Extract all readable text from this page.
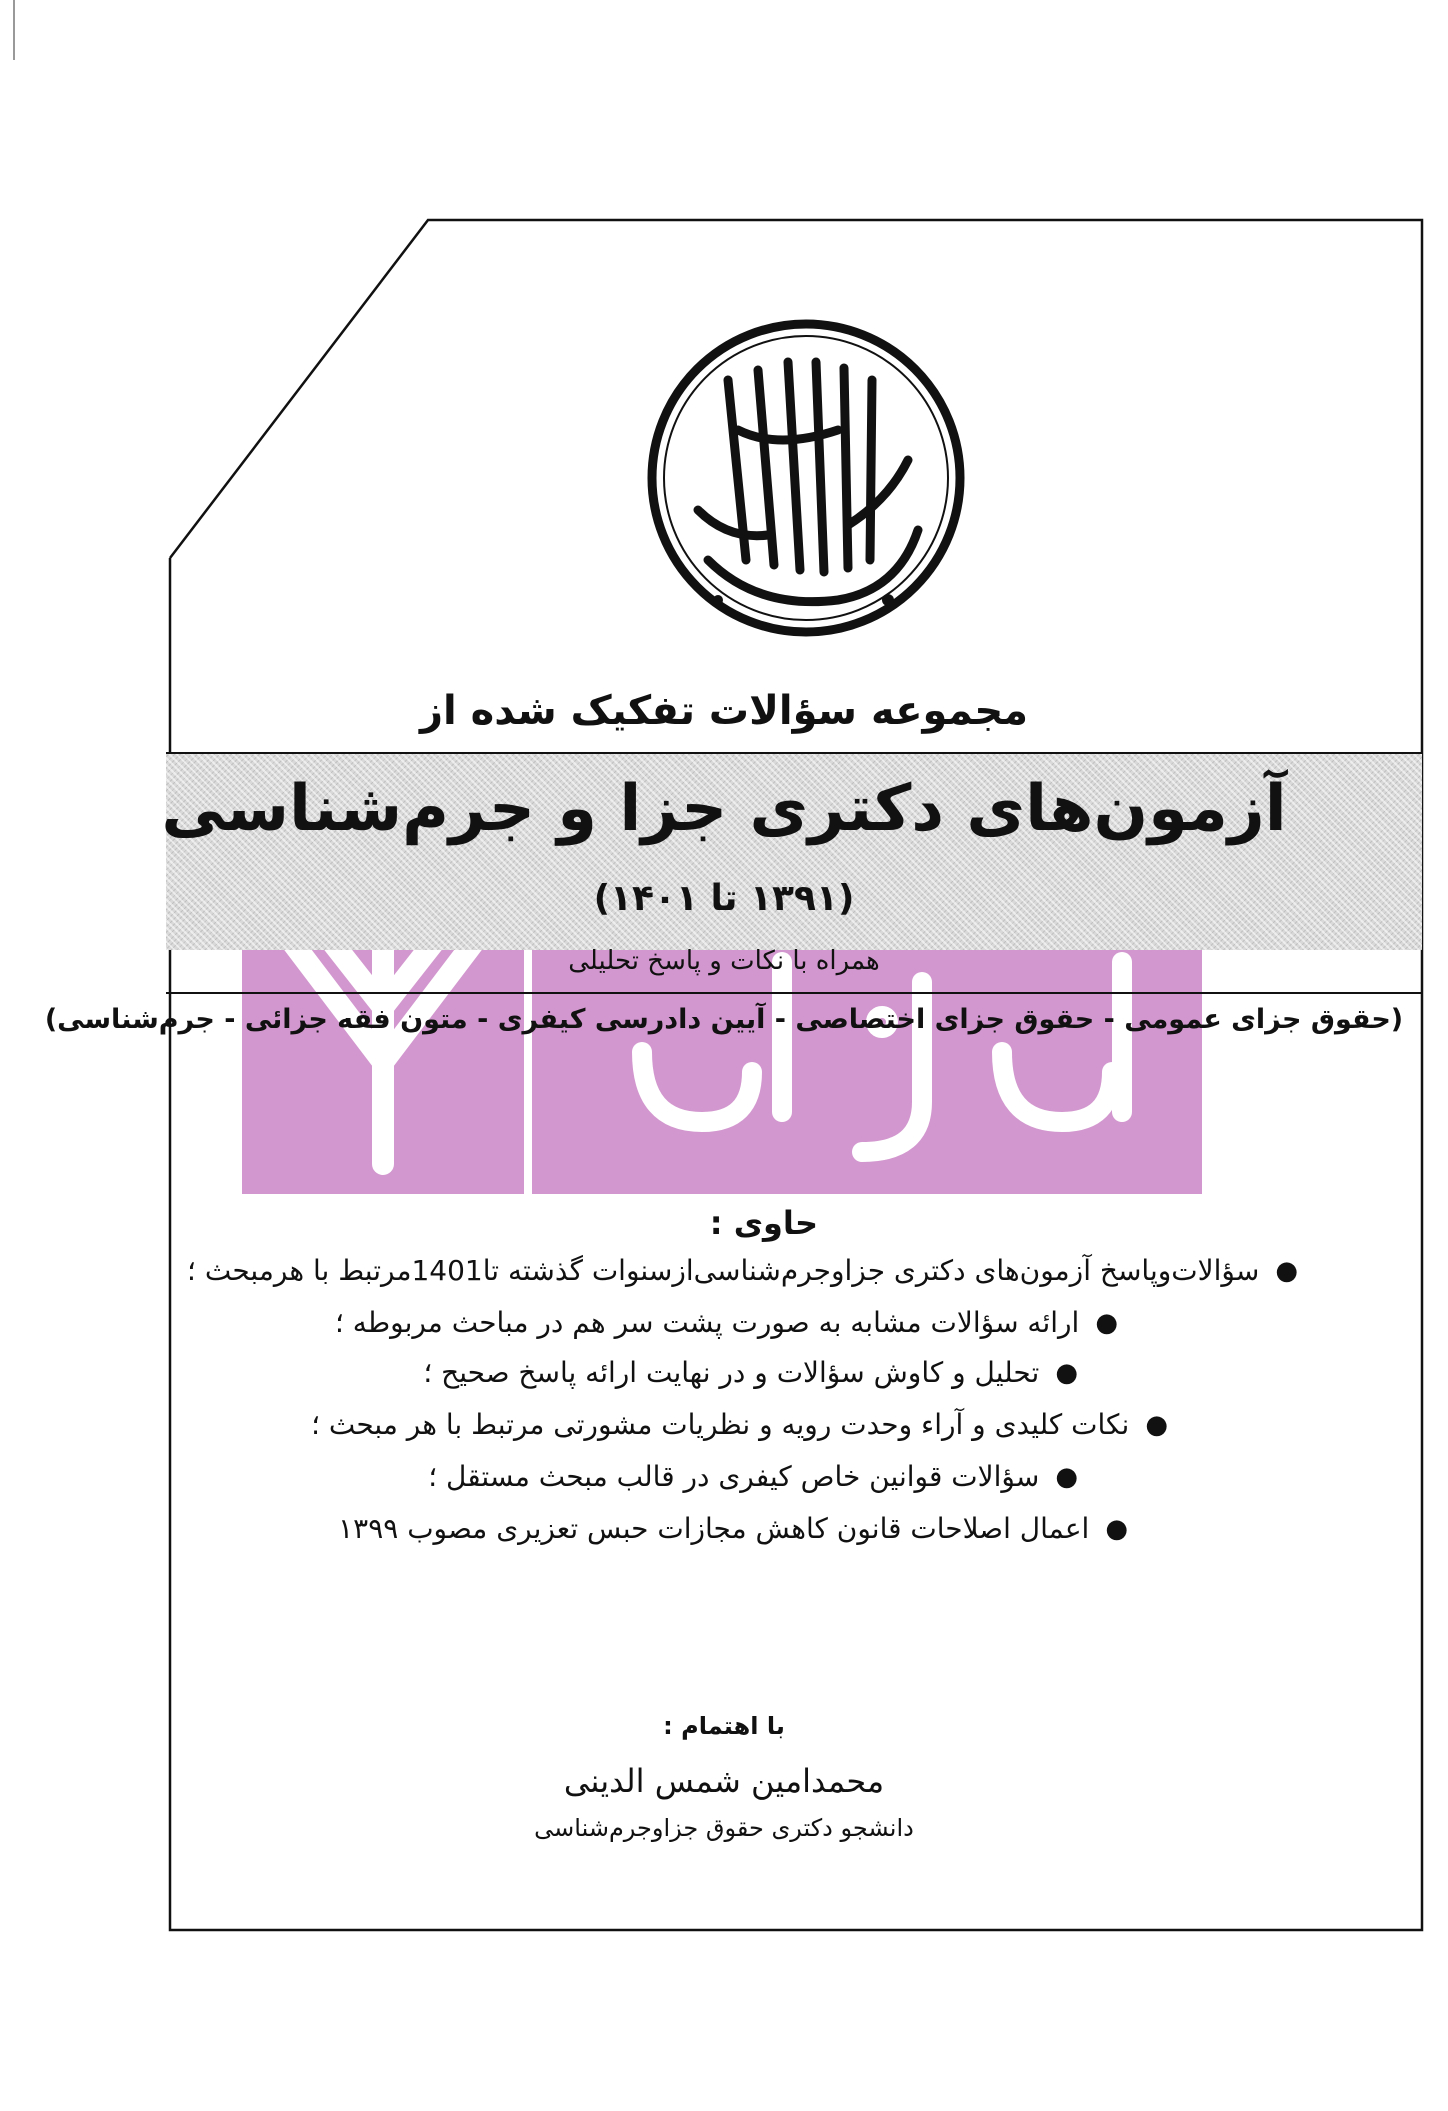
مجموعه سؤالات تفکیک شده از
آزمون‌های دکتری جزا و جرم‌شناسی
(۱۳۹۱ تا ۱۴۰۱)
همراه با نکات و پاسخ تحلیلی
(حقوق جزای عمومی - حقوق جزای اختصاصی - آیین دادرسی کیفری - متون فقه جزائی - جرم‌شناسی)
حاوی :
●
سؤالات‌وپاسخ آزمون‌های دکتری جزاوجرم‌شناسی‌ازسنوات گذشته تا1401مرتبط با هرمبحث ؛
●
ارائه سؤالات مشابه به صورت پشت سر هم در مباحث مربوطه ؛
●
تحلیل و کاوش سؤالات و در نهایت ارائه پاسخ صحیح ؛
●
نکات کلیدی و آراء وحدت رویه و نظریات مشورتی مرتبط با هر مبحث ؛
●
سؤالات قوانین خاص کیفری در قالب مبحث مستقل ؛
●
اعمال اصلاحات قانون کاهش مجازات حبس تعزیری مصوب ۱۳۹۹
با اهتمام :
محمدامین شمس الدینی
دانشجو دکتری حقوق جزاوجرم‌شناسی
